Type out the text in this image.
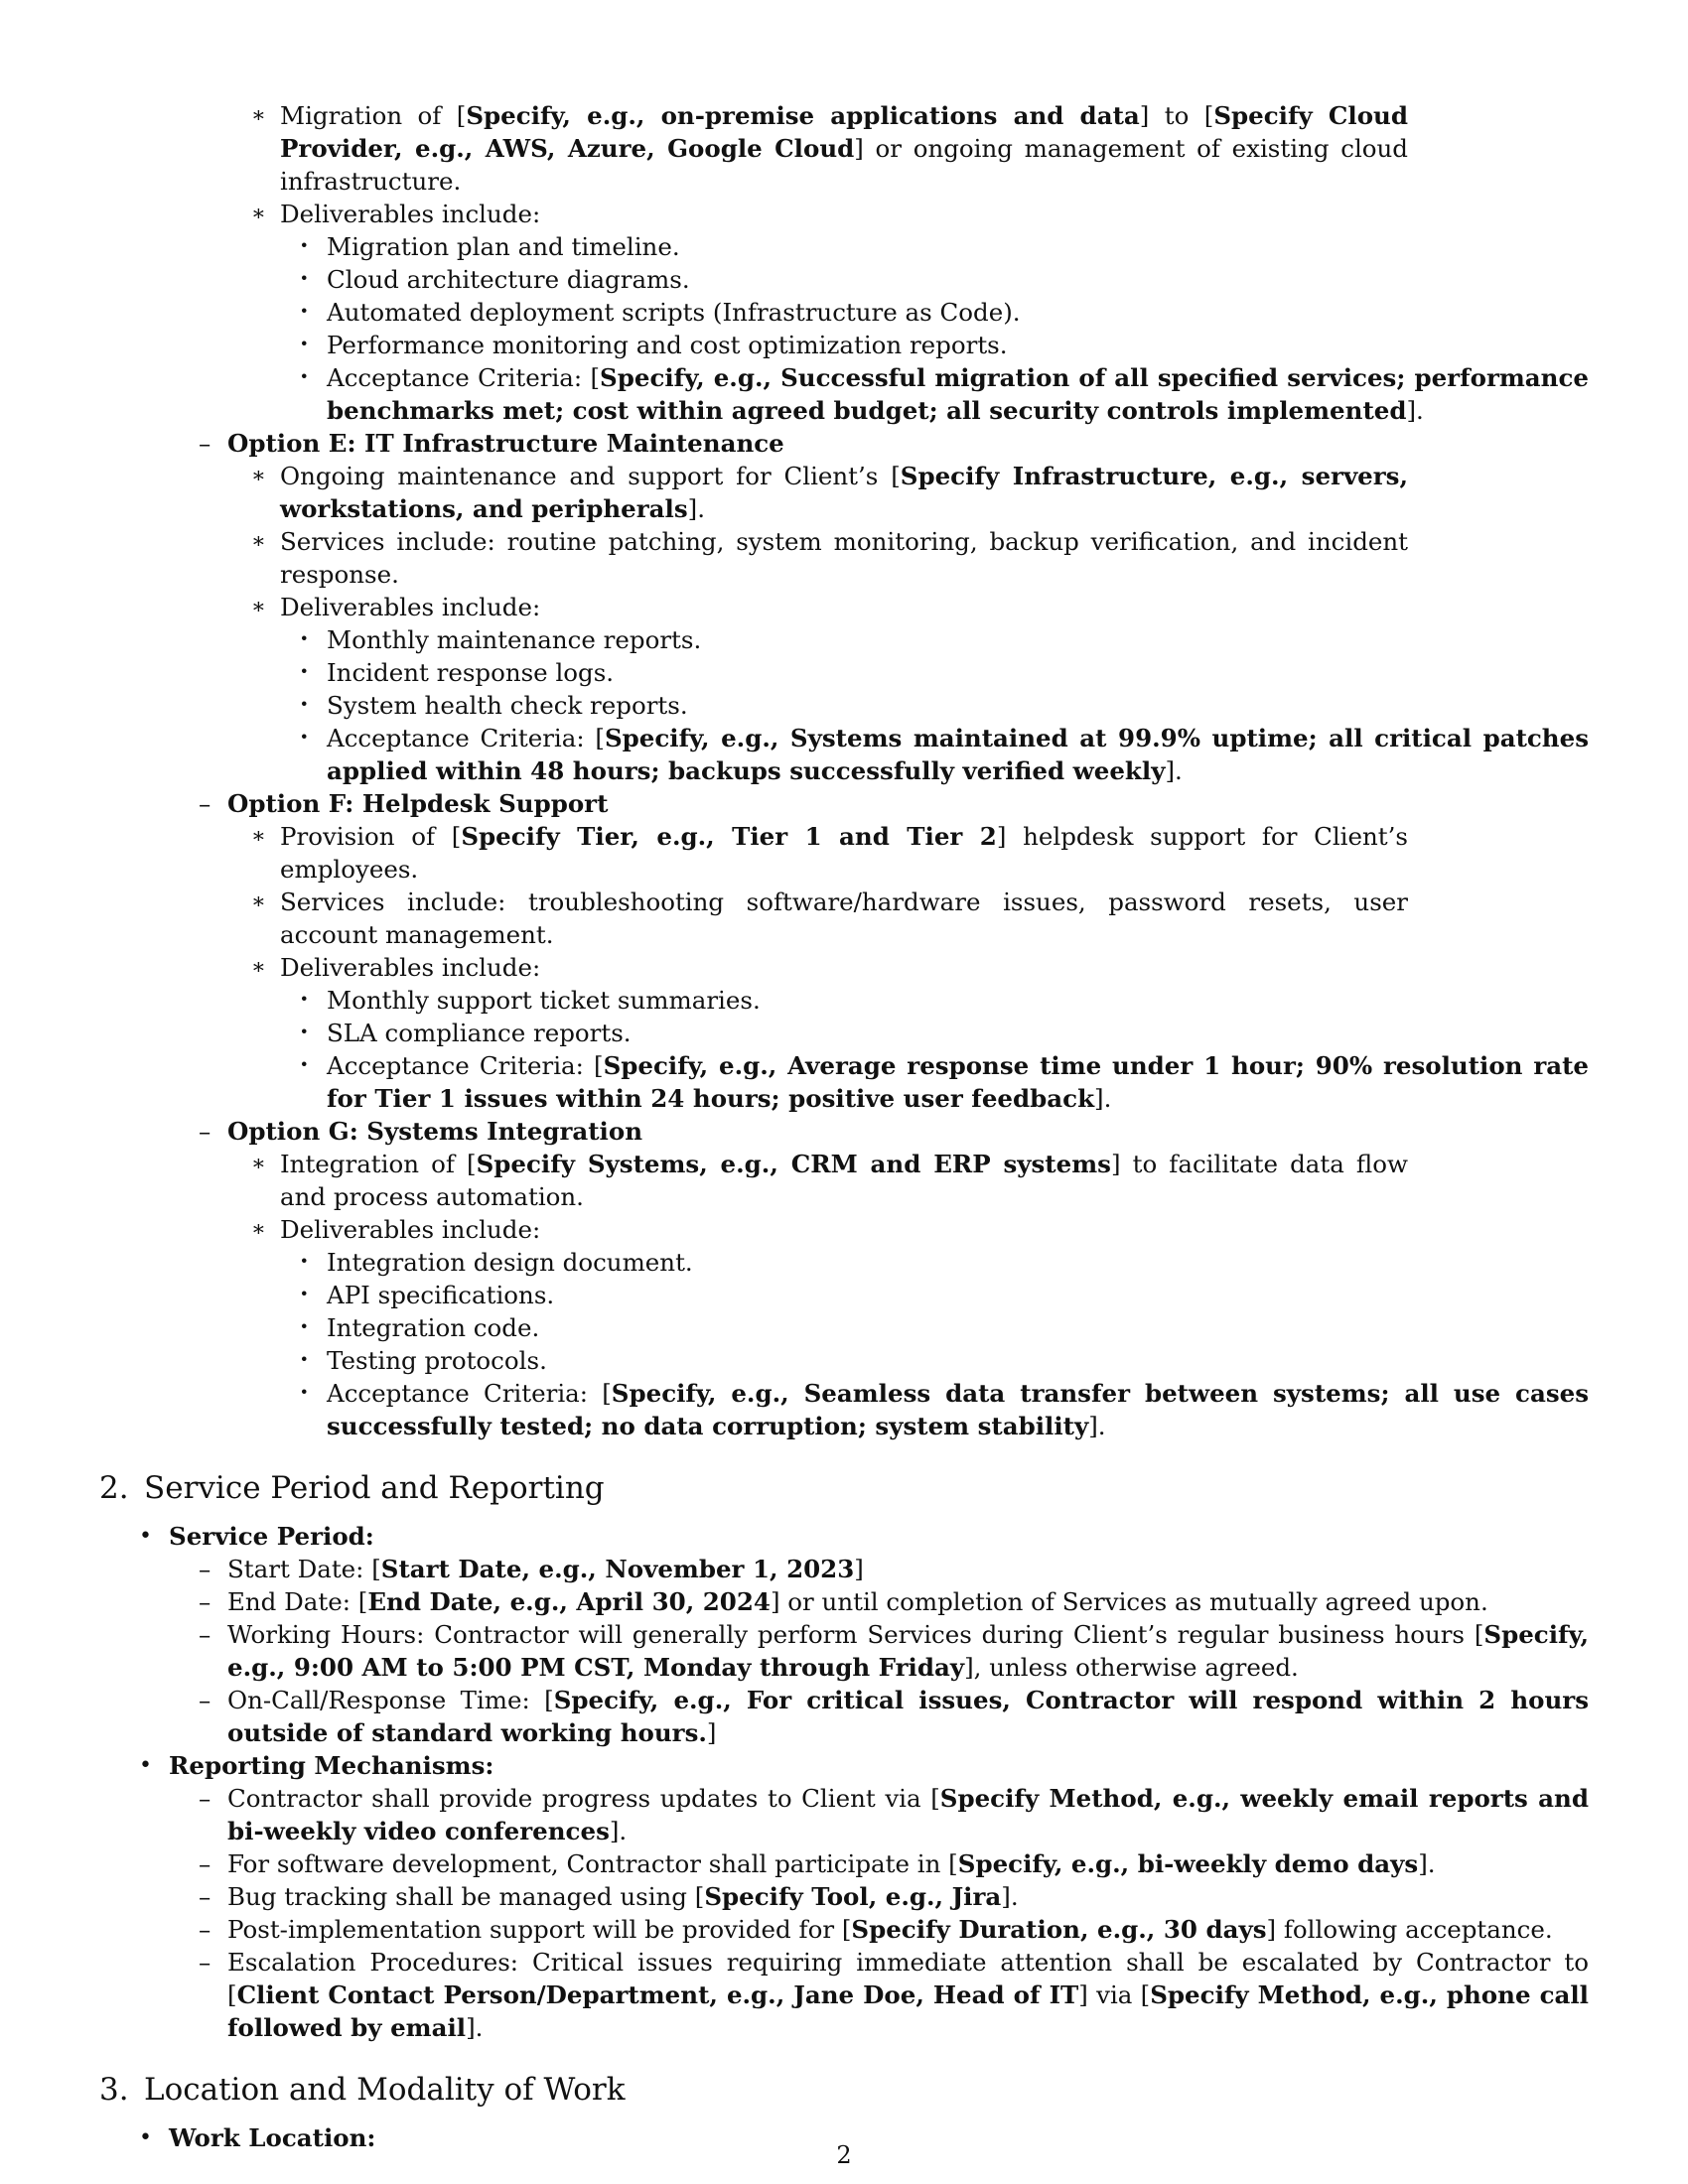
∗ Migration of [Specify, e.g., on-premise applications and data] to [Specify Cloud Provider, e.g., AWS, Azure, Google Cloud] or ongoing management of existing cloud infrastructure.
∗ Deliverables include:
· Migration plan and timeline.
· Cloud architecture diagrams.
· Automated deployment scripts (Infrastructure as Code).
· Performance monitoring and cost optimization reports.
· Acceptance Criteria: [Specify, e.g., Successful migration of all specified services; performance benchmarks met; cost within agreed budget; all security controls implemented].
– Option E: IT Infrastructure Maintenance
∗ Ongoing maintenance and support for Client’s [Specify Infrastructure, e.g., servers, workstations, and peripherals].
∗ Services include: routine patching, system monitoring, backup verification, and incident response.
∗ Deliverables include:
· Monthly maintenance reports.
· Incident response logs.
· System health check reports.
· Acceptance Criteria: [Specify, e.g., Systems maintained at 99.9% uptime; all critical patches applied within 48 hours; backups successfully verified weekly].
– Option F: Helpdesk Support
∗ Provision of [Specify Tier, e.g., Tier 1 and Tier 2] helpdesk support for Client’s employees.
∗ Services include: troubleshooting software/hardware issues, password resets, user account management.
∗ Deliverables include:
· Monthly support ticket summaries.
· SLA compliance reports.
· Acceptance Criteria: [Specify, e.g., Average response time under 1 hour; 90% resolution rate for Tier 1 issues within 24 hours; positive user feedback].
– Option G: Systems Integration
∗ Integration of [Specify Systems, e.g., CRM and ERP systems] to facilitate data flow and process automation.
∗ Deliverables include:
· Integration design document.
· API specifications.
· Integration code.
· Testing protocols.
· Acceptance Criteria: [Specify, e.g., Seamless data transfer between systems; all use cases successfully tested; no data corruption; system stability].
2. Service Period and Reporting
• Service Period:
– Start Date: [Start Date, e.g., November 1, 2023]
– End Date: [End Date, e.g., April 30, 2024] or until completion of Services as mutually agreed upon.
– Working Hours: Contractor will generally perform Services during Client’s regular business hours [Specify, e.g., 9:00 AM to 5:00 PM CST, Monday through Friday], unless otherwise agreed.
– On-Call/Response Time: [Specify, e.g., For critical issues, Contractor will respond within 2 hours outside of standard working hours.]
• Reporting Mechanisms:
– Contractor shall provide progress updates to Client via [Specify Method, e.g., weekly email reports and bi-weekly video conferences].
– For software development, Contractor shall participate in [Specify, e.g., bi-weekly demo days].
– Bug tracking shall be managed using [Specify Tool, e.g., Jira].
– Post-implementation support will be provided for [Specify Duration, e.g., 30 days] following acceptance.
– Escalation Procedures: Critical issues requiring immediate attention shall be escalated by Contractor to [Client Contact Person/Department, e.g., Jane Doe, Head of IT] via [Specify Method, e.g., phone call followed by email].
3. Location and Modality of Work
• Work Location:
2
